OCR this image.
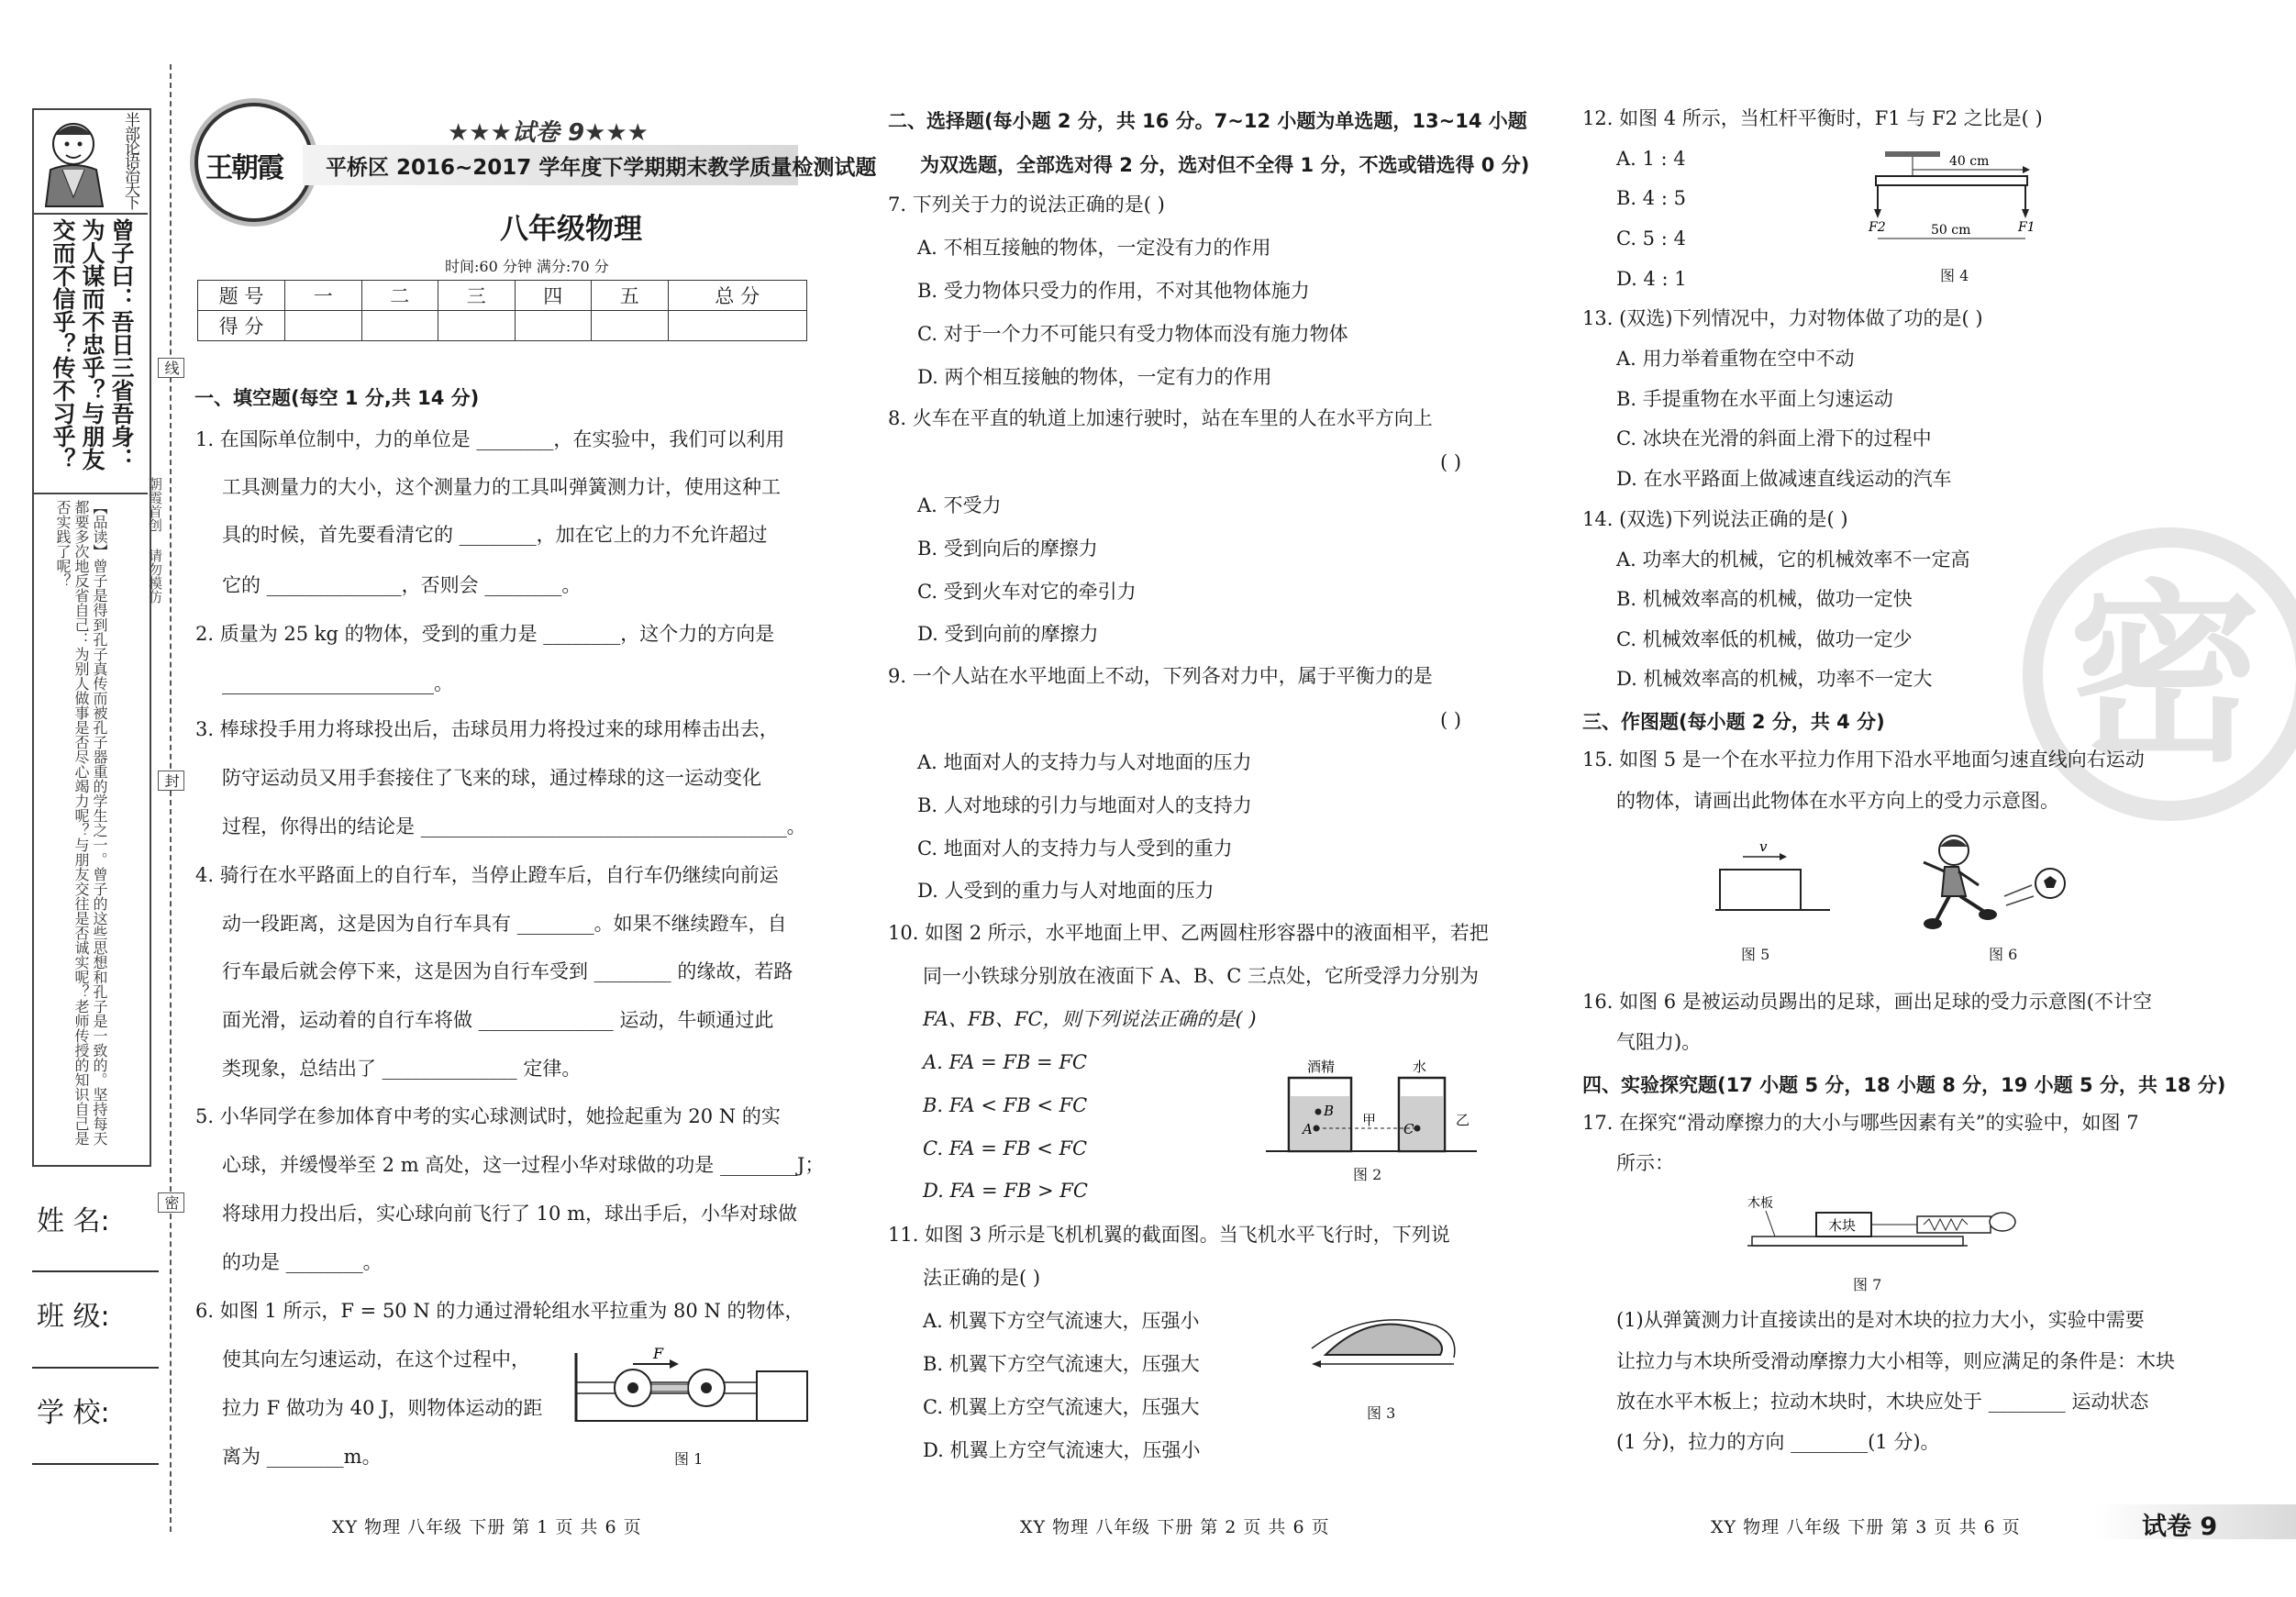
半部论语治天下
曾子曰：吾日三省吾身：为人谋而不忠乎？与朋友交而不信乎？传不习乎？
【品读】曾子是得到孔子真传而被孔子器重的学生之一。曾子的这些思想和孔子是一致的。坚持每天都要多次地反省自己：为别人做事是否尽心竭力呢？与朋友交往是否诚实呢？老师传授的知识自己是否实践了呢？
线
封
密
朝霞首创 请勿模仿
姓 名:
班 级:
学 校:
王朝霞
★★★试卷 9★★★
平桥区 2016~2017 学年度下学期期末教学质量检测试题
八年级物理
时间:60 分钟 满分:70 分
题 号	一	二	三	四	五	总 分
得 分						
一、填空题(每空 1 分,共 14 分)
1. 在国际单位制中，力的单位是 ________，在实验中，我们可以利用
工具测量力的大小，这个测量力的工具叫弹簧测力计，使用这种工
具的时候，首先要看清它的 ________，加在它上的力不允许超过
它的 ______________，否则会 ________。
2. 质量为 25 kg 的物体，受到的重力是 ________，这个力的方向是
______________________。
3. 棒球投手用力将球投出后，击球员用力将投过来的球用棒击出去，
防守运动员又用手套接住了飞来的球，通过棒球的这一运动变化
过程，你得出的结论是 ______________________________________。
4. 骑行在水平路面上的自行车，当停止蹬车后，自行车仍继续向前运
动一段距离，这是因为自行车具有 ________。如果不继续蹬车，自
行车最后就会停下来，这是因为自行车受到 ________ 的缘故，若路
面光滑，运动着的自行车将做 ______________ 运动，牛顿通过此
类现象，总结出了 ______________ 定律。
5. 小华同学在参加体育中考的实心球测试时，她捡起重为 20 N 的实
心球，并缓慢举至 2 m 高处，这一过程小华对球做的功是 ________J；
将球用力投出后，实心球向前飞行了 10 m，球出手后，小华对球做
的功是 ________。
6. 如图 1 所示，F = 50 N 的力通过滑轮组水平拉重为 80 N 的物体，
使其向左匀速运动，在这个过程中，
拉力 F 做功为 40 J，则物体运动的距
离为 ________m。
F
图 1
二、选择题(每小题 2 分，共 16 分。7~12 小题为单选题，13~14 小题
为双选题，全部选对得 2 分，选对但不全得 1 分，不选或错选得 0 分)
7. 下列关于力的说法正确的是( )
A. 不相互接触的物体，一定没有力的作用
B. 受力物体只受力的作用，不对其他物体施力
C. 对于一个力不可能只有受力物体而没有施力物体
D. 两个相互接触的物体，一定有力的作用
8. 火车在平直的轨道上加速行驶时，站在车里的人在水平方向上
( )
A. 不受力
B. 受到向后的摩擦力
C. 受到火车对它的牵引力
D. 受到向前的摩擦力
9. 一个人站在水平地面上不动，下列各对力中，属于平衡力的是
( )
A. 地面对人的支持力与人对地面的压力
B. 人对地球的引力与地面对人的支持力
C. 地面对人的支持力与人受到的重力
D. 人受到的重力与人对地面的压力
10. 如图 2 所示，水平地面上甲、乙两圆柱形容器中的液面相平，若把
同一小铁球分别放在液面下 A、B、C 三点处，它所受浮力分别为
FA、FB、FC，则下列说法正确的是( )
A. FA = FB = FC
B. FA < FB < FC
C. FA = FB < FC
D. FA = FB > FC
酒精	水
B
A	C
甲	乙
图 2
11. 如图 3 所示是飞机机翼的截面图。当飞机水平飞行时，下列说
法正确的是( )
A. 机翼下方空气流速大，压强小
B. 机翼下方空气流速大，压强大
C. 机翼上方空气流速大，压强大
D. 机翼上方空气流速大，压强小
图 3
12. 如图 4 所示，当杠杆平衡时，F1 与 F2 之比是( )
A. 1 : 4
B. 4 : 5
C. 5 : 4
D. 4 : 1
40 cm
50 cm
F2	F1
图 4
13. (双选)下列情况中，力对物体做了功的是( )
A. 用力举着重物在空中不动
B. 手提重物在水平面上匀速运动
C. 冰块在光滑的斜面上滑下的过程中
D. 在水平路面上做减速直线运动的汽车
14. (双选)下列说法正确的是( )
A. 功率大的机械，它的机械效率不一定高
B. 机械效率高的机械，做功一定快
C. 机械效率低的机械，做功一定少
D. 机械效率高的机械，功率不一定大 密
三、作图题(每小题 2 分，共 4 分)
15. 如图 5 是一个在水平拉力作用下沿水平地面匀速直线向右运动
的物体，请画出此物体在水平方向上的受力示意图。
v
图 5	图 6
16. 如图 6 是被运动员踢出的足球，画出足球的受力示意图(不计空
气阻力)。
四、实验探究题(17 小题 5 分，18 小题 8 分，19 小题 5 分，共 18 分)
17. 在探究“滑动摩擦力的大小与哪些因素有关”的实验中，如图 7
所示：
木板
木块
图 7
(1)从弹簧测力计直接读出的是对木块的拉力大小，实验中需要
让拉力与木块所受滑动摩擦力大小相等，则应满足的条件是：木块
放在水平木板上；拉动木块时，木块应处于 ________ 运动状态
(1 分)，拉力的方向 ________(1 分)。
XY 物理 八年级 下册 第 1 页 共 6 页	XY 物理 八年级 下册 第 2 页 共 6 页	XY 物理 八年级 下册 第 3 页 共 6 页	试卷 9
